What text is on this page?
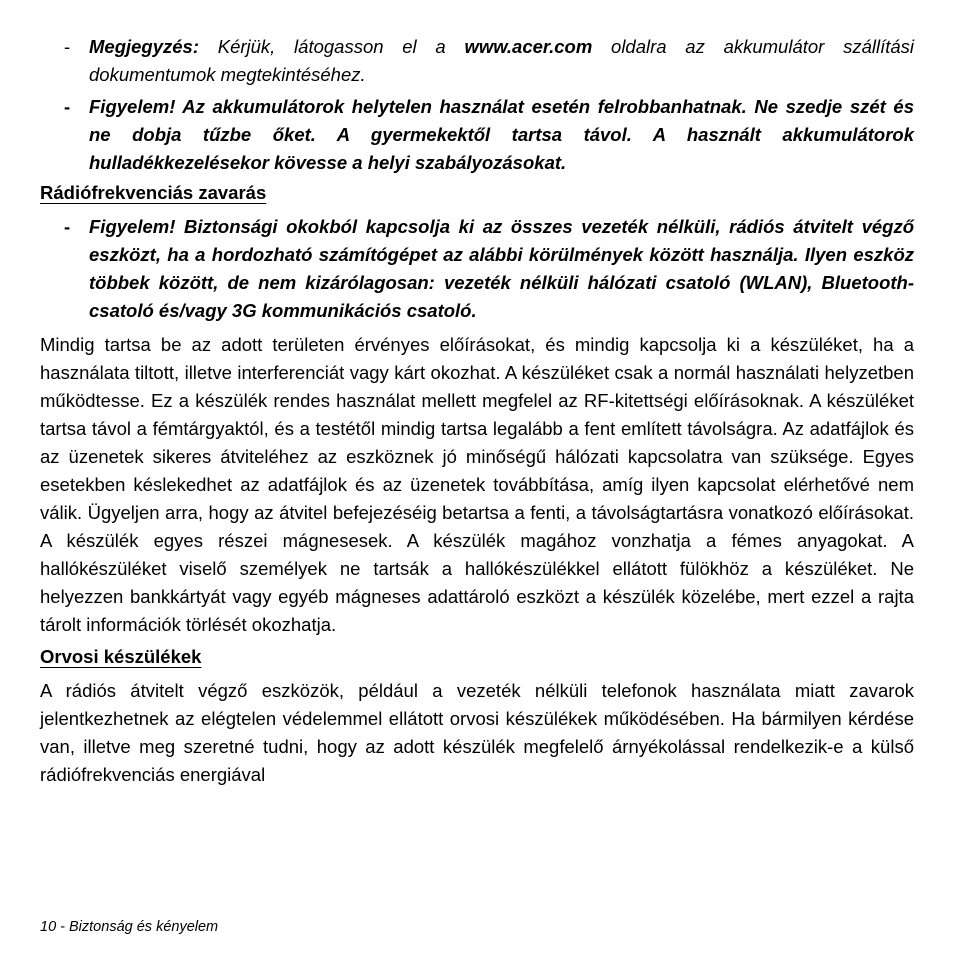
- Megjegyzés: Kérjük, látogasson el a www.acer.com oldalra az akkumulátor szállítási dokumentumok megtekintéséhez.
- Figyelem! Az akkumulátorok helytelen használat esetén felrobbanhatnak. Ne szedje szét és ne dobja tűzbe őket. A gyermekektől tartsa távol. A használt akkumulátorok hulladékkezelésekor kövesse a helyi szabályozásokat.
Rádiófrekvenciás zavarás
- Figyelem! Biztonsági okokból kapcsolja ki az összes vezeték nélküli, rádiós átvitelt végző eszközt, ha a hordozható számítógépet az alábbi körülmények között használja. Ilyen eszköz többek között, de nem kizárólagosan: vezeték nélküli hálózati csatoló (WLAN), Bluetooth-csatoló és/vagy 3G kommunikációs csatoló.
Mindig tartsa be az adott területen érvényes előírásokat, és mindig kapcsolja ki a készüléket, ha a használata tiltott, illetve interferenciát vagy kárt okozhat. A készüléket csak a normál használati helyzetben működtesse. Ez a készülék rendes használat mellett megfelel az RF-kitettségi előírásoknak. A készüléket tartsa távol a fémtárgyaktól, és a testétől mindig tartsa legalább a fent említett távolságra. Az adatfájlok és az üzenetek sikeres átviteléhez az eszköznek jó minőségű hálózati kapcsolatra van szüksége. Egyes esetekben késlekedhet az adatfájlok és az üzenetek továbbítása, amíg ilyen kapcsolat elérhetővé nem válik. Ügyeljen arra, hogy az átvitel befejezéséig betartsa a fenti, a távolságtartásra vonatkozó előírásokat. A készülék egyes részei mágnesesek. A készülék magához vonzhatja a fémes anyagokat. A hallókészüléket viselő személyek ne tartsák a hallókészülékkel ellátott fülökhöz a készüléket. Ne helyezzen bankkártyát vagy egyéb mágneses adattároló eszközt a készülék közelébe, mert ezzel a rajta tárolt információk törlését okozhatja.
Orvosi készülékek
A rádiós átvitelt végző eszközök, például a vezeték nélküli telefonok használata miatt zavarok jelentkezhetnek az elégtelen védelemmel ellátott orvosi készülékek működésében. Ha bármilyen kérdése van, illetve meg szeretné tudni, hogy az adott készülék megfelelő árnyékolással rendelkezik-e a külső rádiófrekvenciás energiával
10 - Biztonság és kényelem
